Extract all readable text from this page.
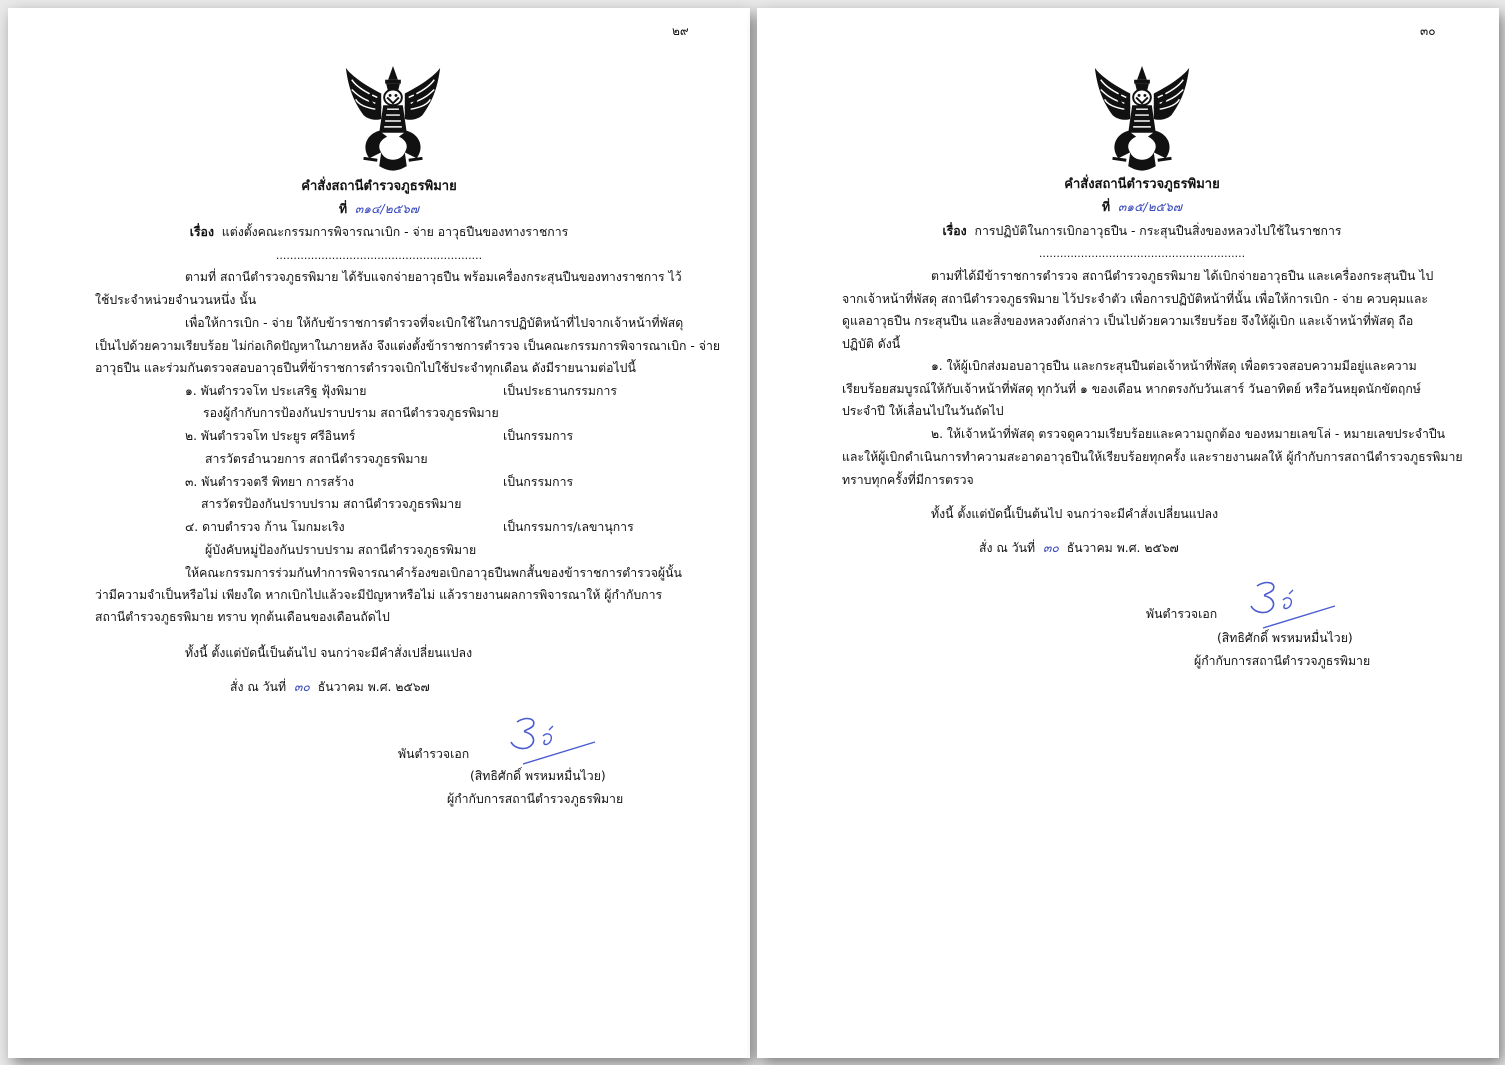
๒๙
คำสั่งสถานีตำรวจภูธรพิมาย
ที่ ๓๑๔/๒๕๖๗
เรื่อง แต่งตั้งคณะกรรมการพิจารณาเบิก - จ่าย อาวุธปืนของทางราชการ
...........................................................
ตามที่ สถานีตำรวจภูธรพิมาย ได้รับแจกจ่ายอาวุธปืน พร้อมเครื่องกระสุนปืนของทางราชการ ไว้
ใช้ประจำหน่วยจำนวนหนึ่ง นั้น
เพื่อให้การเบิก - จ่าย ให้กับข้าราชการตำรวจที่จะเบิกใช้ในการปฏิบัติหน้าที่ไปจากเจ้าหน้าที่พัสดุ
เป็นไปด้วยความเรียบร้อย ไม่ก่อเกิดปัญหาในภายหลัง จึงแต่งตั้งข้าราชการตำรวจ เป็นคณะกรรมการพิจารณาเบิก - จ่าย
อาวุธปืน และร่วมกันตรวจสอบอาวุธปืนที่ข้าราชการตำรวจเบิกไปใช้ประจำทุกเดือน ดังมีรายนามต่อไปนี้
๑. พันตำรวจโท ประเสริฐ ฟุ้งพิมาย	เป็นประธานกรรมการ
รองผู้กำกับการป้องกันปราบปราม สถานีตำรวจภูธรพิมาย
๒. พันตำรวจโท ประยูร ศรีอินทร์	เป็นกรรมการ
สารวัตรอำนวยการ สถานีตำรวจภูธรพิมาย
๓. พันตำรวจตรี พิทยา การสร้าง	เป็นกรรมการ
สารวัตรป้องกันปราบปราม สถานีตำรวจภูธรพิมาย
๔. ดาบตำรวจ ก้าน โมกมะเริง	เป็นกรรมการ/เลขานุการ
ผู้บังคับหมู่ป้องกันปราบปราม สถานีตำรวจภูธรพิมาย
ให้คณะกรรมการร่วมกันทำการพิจารณาคำร้องขอเบิกอาวุธปืนพกสั้นของข้าราชการตำรวจผู้นั้น
ว่ามีความจำเป็นหรือไม่ เพียงใด หากเบิกไปแล้วจะมีปัญหาหรือไม่ แล้วรายงานผลการพิจารณาให้ ผู้กำกับการ
สถานีตำรวจภูธรพิมาย ทราบ ทุกต้นเดือนของเดือนถัดไป
ทั้งนี้ ตั้งแต่บัดนี้เป็นต้นไป จนกว่าจะมีคำสั่งเปลี่ยนแปลง
สั่ง ณ วันที่ ๓๐ ธันวาคม พ.ศ. ๒๕๖๗
พันตำรวจเอก
(สิทธิศักดิ์ พรหมหมื่นไวย)
ผู้กำกับการสถานีตำรวจภูธรพิมาย
๓๐
คำสั่งสถานีตำรวจภูธรพิมาย
ที่ ๓๑๕/๒๕๖๗
เรื่อง การปฏิบัติในการเบิกอาวุธปืน - กระสุนปืนสิ่งของหลวงไปใช้ในราชการ
...........................................................
ตามที่ได้มีข้าราชการตำรวจ สถานีตำรวจภูธรพิมาย ได้เบิกจ่ายอาวุธปืน และเครื่องกระสุนปืน ไป
จากเจ้าหน้าที่พัสดุ สถานีตำรวจภูธรพิมาย ไว้ประจำตัว เพื่อการปฏิบัติหน้าที่นั้น เพื่อให้การเบิก - จ่าย ควบคุมและ
ดูแลอาวุธปืน กระสุนปืน และสิ่งของหลวงดังกล่าว เป็นไปด้วยความเรียบร้อย จึงให้ผู้เบิก และเจ้าหน้าที่พัสดุ ถือ
ปฏิบัติ ดังนี้
๑. ให้ผู้เบิกส่งมอบอาวุธปืน และกระสุนปืนต่อเจ้าหน้าที่พัสดุ เพื่อตรวจสอบความมีอยู่และความ
เรียบร้อยสมบูรณ์ให้กับเจ้าหน้าที่พัสดุ ทุกวันที่ ๑ ของเดือน หากตรงกับวันเสาร์ วันอาทิตย์ หรือวันหยุดนักขัตฤกษ์
ประจำปี ให้เลื่อนไปในวันถัดไป
๒. ให้เจ้าหน้าที่พัสดุ ตรวจดูความเรียบร้อยและความถูกต้อง ของหมายเลขโล่ - หมายเลขประจำปืน
และให้ผู้เบิกดำเนินการทำความสะอาดอาวุธปืนให้เรียบร้อยทุกครั้ง และรายงานผลให้ ผู้กำกับการสถานีตำรวจภูธรพิมาย
ทราบทุกครั้งที่มีการตรวจ
ทั้งนี้ ตั้งแต่บัดนี้เป็นต้นไป จนกว่าจะมีคำสั่งเปลี่ยนแปลง
สั่ง ณ วันที่ ๓๐ ธันวาคม พ.ศ. ๒๕๖๗
พันตำรวจเอก
(สิทธิศักดิ์ พรหมหมื่นไวย)
ผู้กำกับการสถานีตำรวจภูธรพิมาย
